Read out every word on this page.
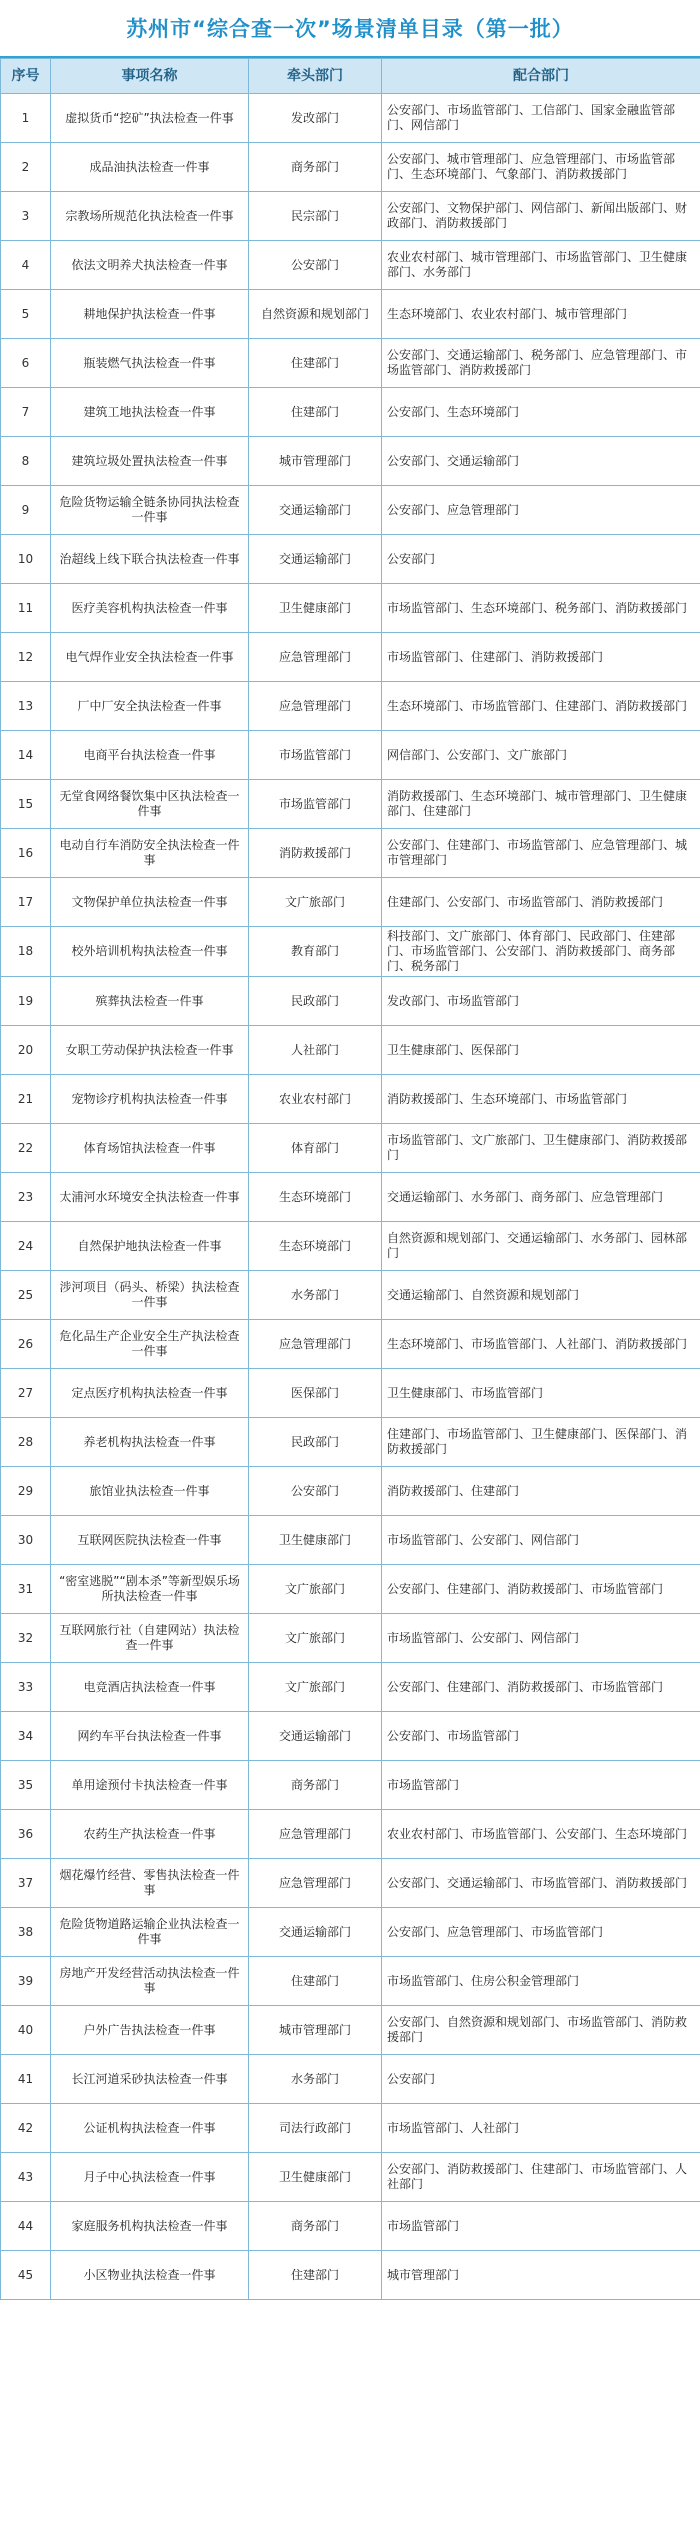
苏州市“综合查一次”场景清单目录（第一批）
序号	事项名称	牵头部门	配合部门
1	虚拟货币“挖矿”执法检查一件事	发改部门	公安部门、市场监管部门、工信部门、国家金融监管部门、网信部门
2	成品油执法检查一件事	商务部门	公安部门、城市管理部门、应急管理部门、市场监管部门、生态环境部门、气象部门、消防救援部门
3	宗教场所规范化执法检查一件事	民宗部门	公安部门、文物保护部门、网信部门、新闻出版部门、财政部门、消防救援部门
4	依法文明养犬执法检查一件事	公安部门	农业农村部门、城市管理部门、市场监管部门、卫生健康部门、水务部门
5	耕地保护执法检查一件事	自然资源和规划部门	生态环境部门、农业农村部门、城市管理部门
6	瓶装燃气执法检查一件事	住建部门	公安部门、交通运输部门、税务部门、应急管理部门、市场监管部门、消防救援部门
7	建筑工地执法检查一件事	住建部门	公安部门、生态环境部门
8	建筑垃圾处置执法检查一件事	城市管理部门	公安部门、交通运输部门
9	危险货物运输全链条协同执法检查一件事	交通运输部门	公安部门、应急管理部门
10	治超线上线下联合执法检查一件事	交通运输部门	公安部门
11	医疗美容机构执法检查一件事	卫生健康部门	市场监管部门、生态环境部门、税务部门、消防救援部门
12	电气焊作业安全执法检查一件事	应急管理部门	市场监管部门、住建部门、消防救援部门
13	厂中厂安全执法检查一件事	应急管理部门	生态环境部门、市场监管部门、住建部门、消防救援部门
14	电商平台执法检查一件事	市场监管部门	网信部门、公安部门、文广旅部门
15	无堂食网络餐饮集中区执法检查一件事	市场监管部门	消防救援部门、生态环境部门、城市管理部门、卫生健康部门、住建部门
16	电动自行车消防安全执法检查一件事	消防救援部门	公安部门、住建部门、市场监管部门、应急管理部门、城市管理部门
17	文物保护单位执法检查一件事	文广旅部门	住建部门、公安部门、市场监管部门、消防救援部门
18	校外培训机构执法检查一件事	教育部门	科技部门、文广旅部门、体育部门、民政部门、住建部门、市场监管部门、公安部门、消防救援部门、商务部门、税务部门
19	殡葬执法检查一件事	民政部门	发改部门、市场监管部门
20	女职工劳动保护执法检查一件事	人社部门	卫生健康部门、医保部门
21	宠物诊疗机构执法检查一件事	农业农村部门	消防救援部门、生态环境部门、市场监管部门
22	体育场馆执法检查一件事	体育部门	市场监管部门、文广旅部门、卫生健康部门、消防救援部门
23	太浦河水环境安全执法检查一件事	生态环境部门	交通运输部门、水务部门、商务部门、应急管理部门
24	自然保护地执法检查一件事	生态环境部门	自然资源和规划部门、交通运输部门、水务部门、园林部门
25	涉河项目（码头、桥梁）执法检查一件事	水务部门	交通运输部门、自然资源和规划部门
26	危化品生产企业安全生产执法检查一件事	应急管理部门	生态环境部门、市场监管部门、人社部门、消防救援部门
27	定点医疗机构执法检查一件事	医保部门	卫生健康部门、市场监管部门
28	养老机构执法检查一件事	民政部门	住建部门、市场监管部门、卫生健康部门、医保部门、消防救援部门
29	旅馆业执法检查一件事	公安部门	消防救援部门、住建部门
30	互联网医院执法检查一件事	卫生健康部门	市场监管部门、公安部门、网信部门
31	“密室逃脱”“剧本杀”等新型娱乐场所执法检查一件事	文广旅部门	公安部门、住建部门、消防救援部门、市场监管部门
32	互联网旅行社（自建网站）执法检查一件事	文广旅部门	市场监管部门、公安部门、网信部门
33	电竞酒店执法检查一件事	文广旅部门	公安部门、住建部门、消防救援部门、市场监管部门
34	网约车平台执法检查一件事	交通运输部门	公安部门、市场监管部门
35	单用途预付卡执法检查一件事	商务部门	市场监管部门
36	农药生产执法检查一件事	应急管理部门	农业农村部门、市场监管部门、公安部门、生态环境部门
37	烟花爆竹经营、零售执法检查一件事	应急管理部门	公安部门、交通运输部门、市场监管部门、消防救援部门
38	危险货物道路运输企业执法检查一件事	交通运输部门	公安部门、应急管理部门、市场监管部门
39	房地产开发经营活动执法检查一件事	住建部门	市场监管部门、住房公积金管理部门
40	户外广告执法检查一件事	城市管理部门	公安部门、自然资源和规划部门、市场监管部门、消防救援部门
41	长江河道采砂执法检查一件事	水务部门	公安部门
42	公证机构执法检查一件事	司法行政部门	市场监管部门、人社部门
43	月子中心执法检查一件事	卫生健康部门	公安部门、消防救援部门、住建部门、市场监管部门、人社部门
44	家庭服务机构执法检查一件事	商务部门	市场监管部门
45	小区物业执法检查一件事	住建部门	城市管理部门
